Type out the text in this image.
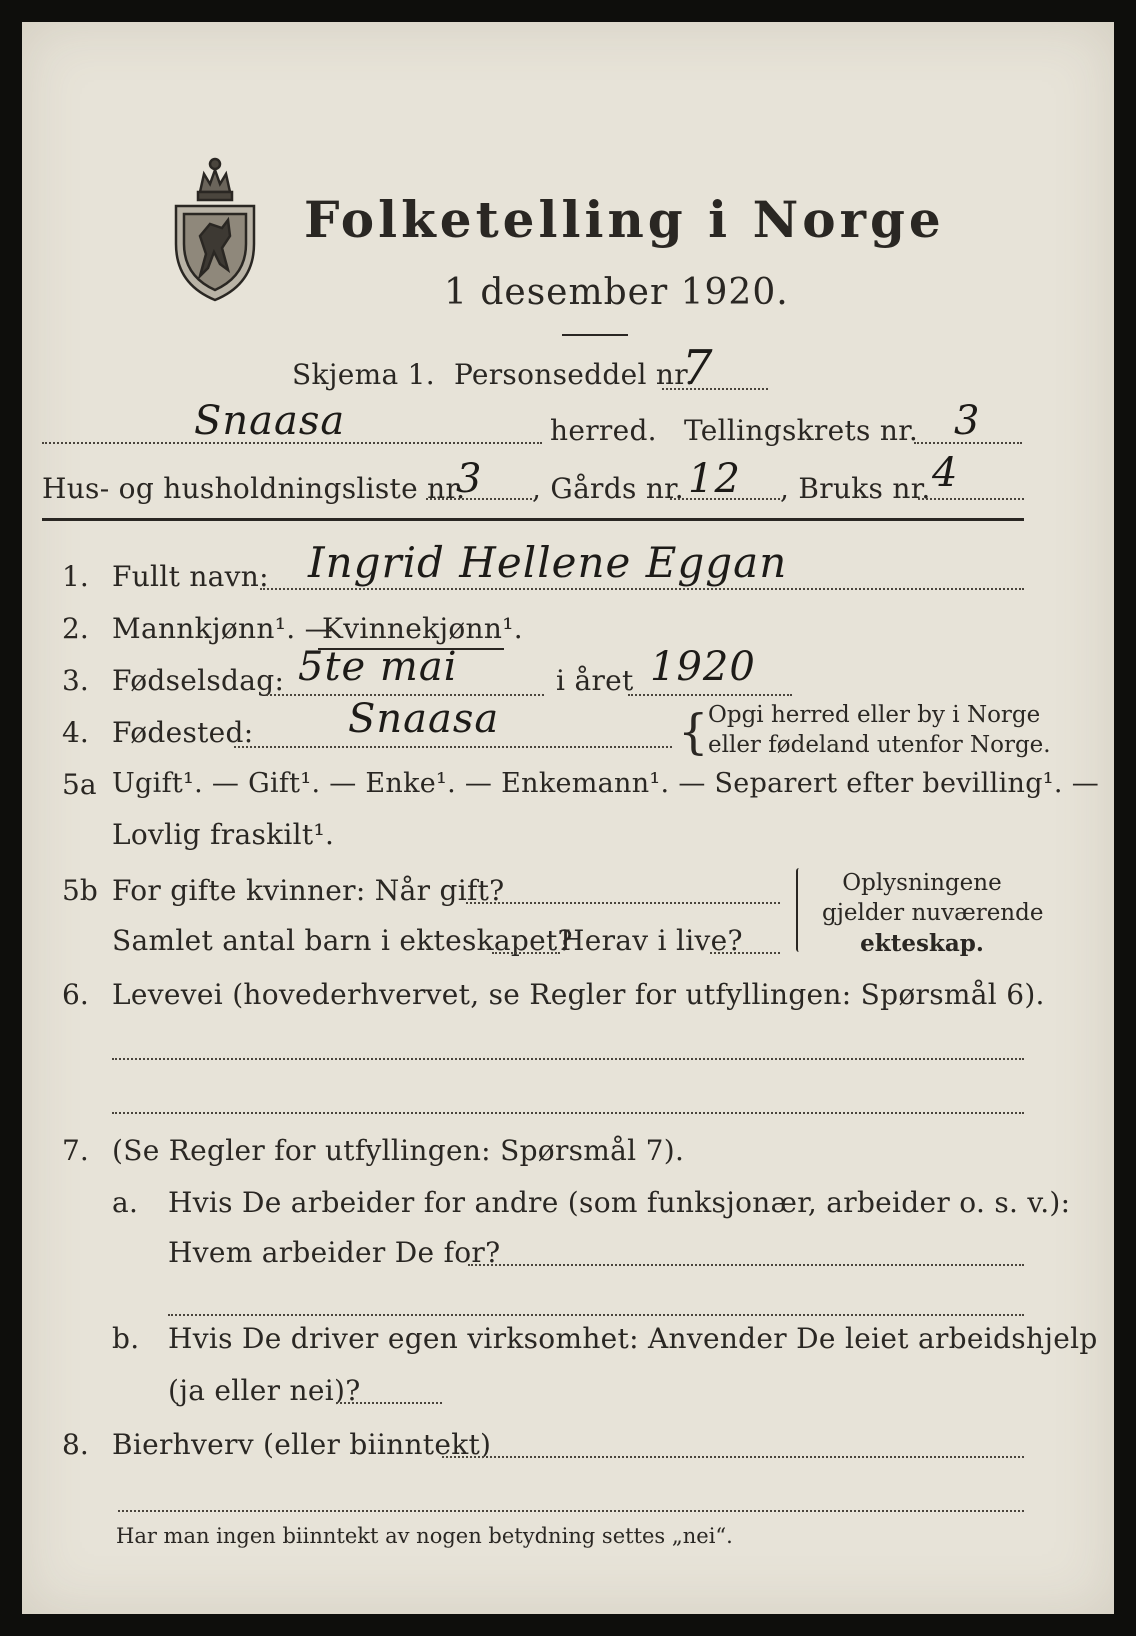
Folketelling i Norge
1 desember 1920.
Skjema 1. Personseddel nr.
7
Snaasa	herred. Tellingskrets nr. 3
Hus- og husholdningsliste nr.
3 , Gårds nr. 12 , Bruks nr. 4
1. Fullt navn: Ingrid Hellene Eggan
2. Mannkjønn¹. —
Kvinnekjønn¹.
3. Fødselsdag: 5te mai	i året 1920
4. Fødested: Snaasa	{ Opgi herred eller by i Norge
eller fødeland utenfor Norge.
5a Ugift¹. — Gift¹. — Enke¹. — Enkemann¹. — Separert efter bevilling¹. —
Lovlig fraskilt¹.
5b For gifte kvinner: Når gift?
Samlet antal barn i ekteskapet?
Herav i live?
Oplysningene
gjelder nuværende
ekteskap.
6. Levevei (hovederhvervet, se Regler for utfyllingen: Spørsmål 6).
7. (Se Regler for utfyllingen: Spørsmål 7).
a. Hvis De arbeider for andre (som funksjonær, arbeider o. s. v.):
Hvem arbeider De for?
b. Hvis De driver egen virksomhet: Anvender De leiet arbeidshjelp
(ja eller nei)?
8. Bierhverv (eller biinntekt)
Har man ingen biinntekt av nogen betydning settes „nei“.
